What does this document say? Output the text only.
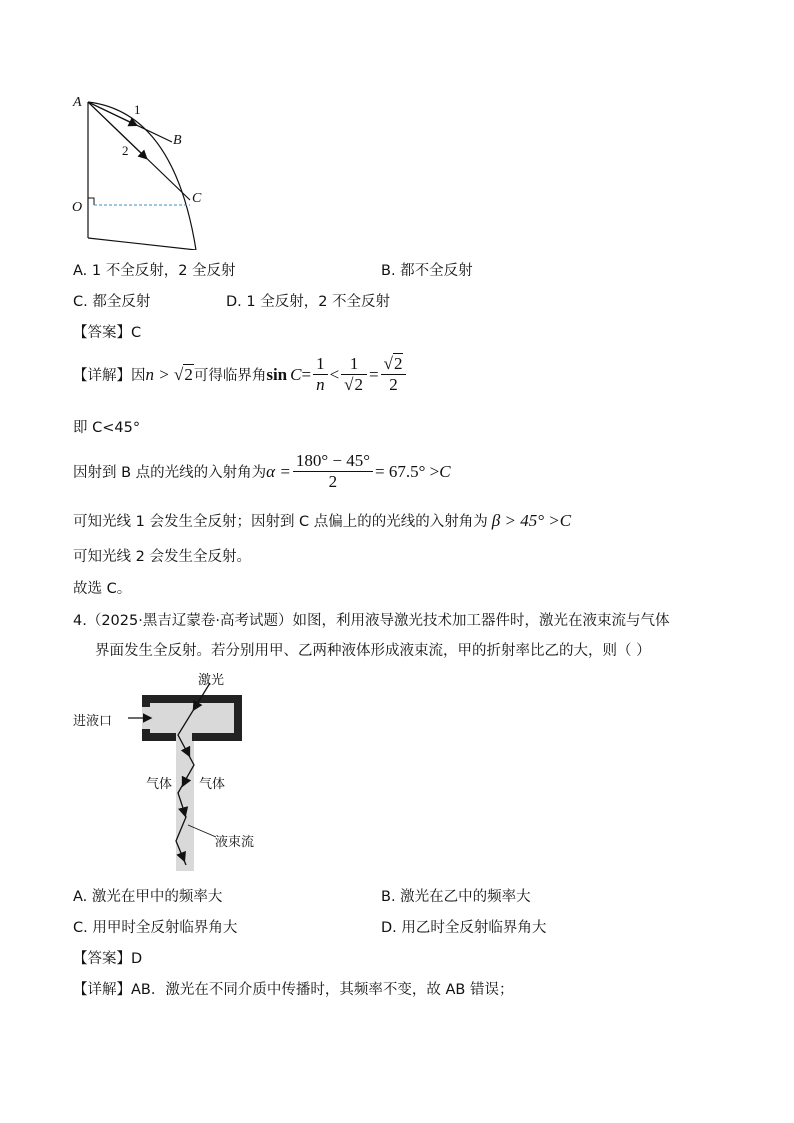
A	1
B
2
C
O
A. 1 不全反射，2 全反射	B. 都不全反射
C. 都全反射	D. 1 全反射，2 不全反射
【答案】C
【详解】因 n > √2 可得临界角 $\sin C = \frac{1}{n} < \frac{1}{√2} = \frac{√2}{2}$
即 C<45°
因射到 B 点的光线的入射角为 $\alpha = \frac{180^\circ - 45^\circ}{2} = 67.5^\circ > C$
可知光线 1 会发生全反射；因射到 C 点偏上的的光线的入射角为 β > 45° > C
可知光线 2 会发生全反射。
故选 C。
4.（2025·黑吉辽蒙卷·高考试题）如图，利用液导激光技术加工器件时，激光在液束流与气体
界面发生全反射。若分别用甲、乙两种液体形成液束流，甲的折射率比乙的大，则（ ）
激光
进液口
气体 气体
液束流
A. 激光在甲中的频率大	B. 激光在乙中的频率大
C. 用甲时全反射临界角大	D. 用乙时全反射临界角大
【答案】D
【详解】AB．激光在不同介质中传播时，其频率不变，故 AB 错误；
